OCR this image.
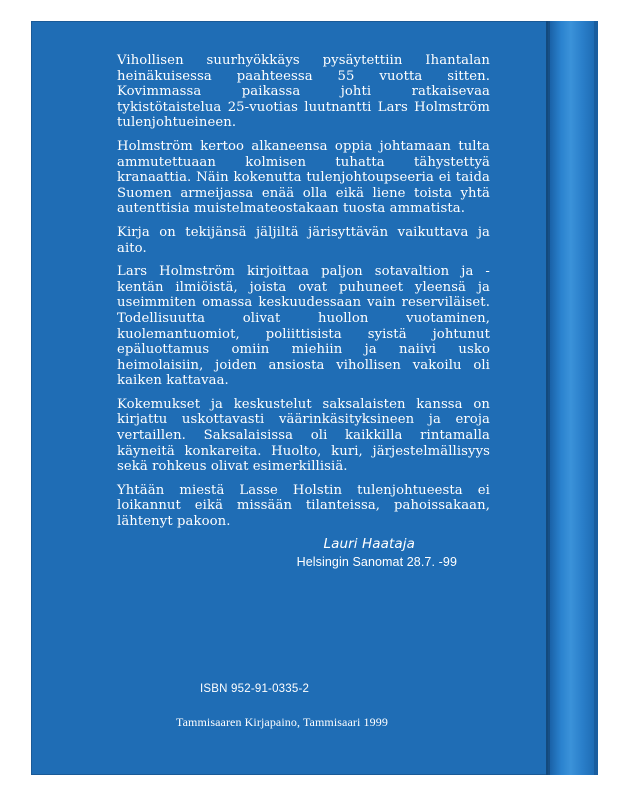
Vihollisen suurhyökkäys pysäytettiin Ihantalan heinäkuisessa paahteessa 55 vuotta sitten. Kovimmassa paikassa johti ratkaisevaa tykistötaistelua 25-vuotias luutnantti Lars Holmström tulenjohtueineen.

Holmström kertoo alkaneensa oppia johtamaan tulta ammutettuaan kolmisen tuhatta tähystettyä kranaattia. Näin kokenutta tulenjohtoupseeria ei taida Suomen armeijassa enää olla eikä liene toista yhtä autenttisia muistelmateostakaan tuosta ammatista.

Kirja on tekijänsä jäljiltä järisyttävän vaikuttava ja aito.

Lars Holmström kirjoittaa paljon sotavaltion ja -kentän ilmiöistä, joista ovat puhuneet yleensä ja useimmiten omassa keskuudessaan vain reserviläiset. Todellisuutta olivat huollon vuotaminen, kuolemantuomiot, poliittisista syistä johtunut epäluottamus omiin miehiin ja naiivi usko heimolaisiin, joiden ansiosta vihollisen vakoilu oli kaiken kattavaa.

Kokemukset ja keskustelut saksalaisten kanssa on kirjattu uskottavasti väärinkäsityksineen ja eroja vertaillen. Saksalaisissa oli kaikkilla rintamalla käyneitä konkareita. Huolto, kuri, järjestelmällisyys sekä rohkeus olivat esimerkillisiä.

Yhtään miestä Lasse Holstin tulenjohtueesta ei loikannut eikä missään tilanteissa, pahoissakaan, lähtenyt pakoon.

Lauri Haataja
Helsingin Sanomat 28.7. -99
ISBN 952-91-0335-2
Tammisaaren Kirjapaino, Tammisaari 1999
